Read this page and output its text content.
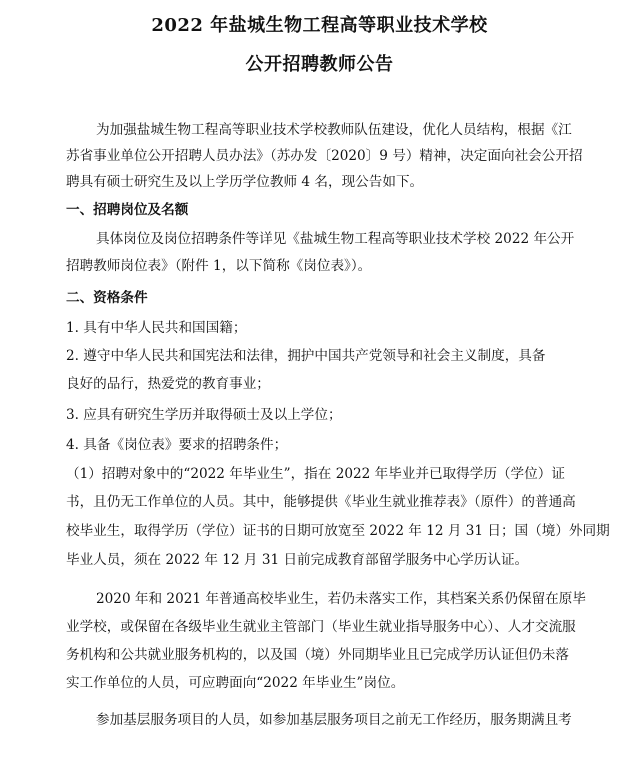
2022 年盐城生物工程高等职业技术学校
公开招聘教师公告
为加强盐城生物工程高等职业技术学校教师队伍建设，优化人员结构，根据《江
苏省事业单位公开招聘人员办法》（苏办发〔2020〕9 号）精神，决定面向社会公开招
聘具有硕士研究生及以上学历学位教师 4 名，现公告如下。
一、招聘岗位及名额
具体岗位及岗位招聘条件等详见《盐城生物工程高等职业技术学校 2022 年公开
招聘教师岗位表》（附件 1，以下简称《岗位表》）。
二、资格条件
1. 具有中华人民共和国国籍；
2. 遵守中华人民共和国宪法和法律，拥护中国共产党领导和社会主义制度，具备
良好的品行，热爱党的教育事业；
3. 应具有研究生学历并取得硕士及以上学位；
4. 具备《岗位表》要求的招聘条件；
（1）招聘对象中的“2022 年毕业生”，指在 2022 年毕业并已取得学历（学位）证
书，且仍无工作单位的人员。其中，能够提供《毕业生就业推荐表》（原件）的普通高
校毕业生，取得学历（学位）证书的日期可放宽至 2022 年 12 月 31 日；国（境）外同期
毕业人员，须在 2022 年 12 月 31 日前完成教育部留学服务中心学历认证。
2020 年和 2021 年普通高校毕业生，若仍未落实工作，其档案关系仍保留在原毕
业学校，或保留在各级毕业生就业主管部门（毕业生就业指导服务中心）、人才交流服
务机构和公共就业服务机构的，以及国（境）外同期毕业且已完成学历认证但仍未落
实工作单位的人员，可应聘面向“2022 年毕业生”岗位。
参加基层服务项目的人员，如参加基层服务项目之前无工作经历，服务期满且考
